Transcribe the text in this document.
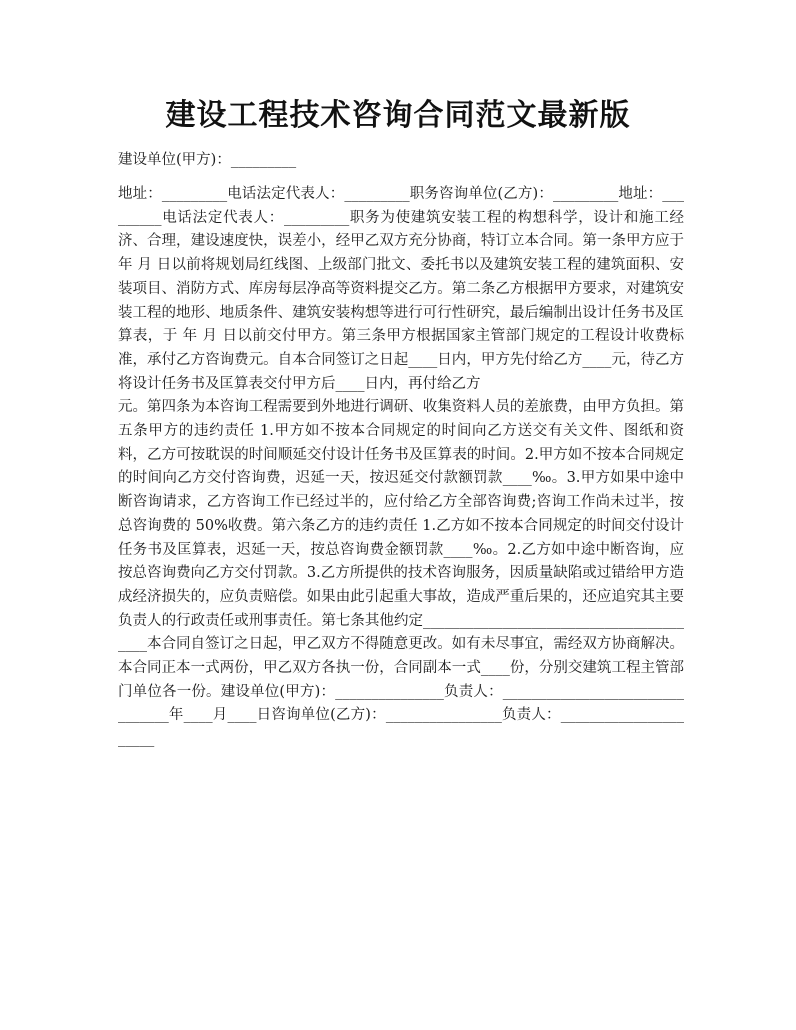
建设工程技术咨询合同范文最新版
建设单位(甲方)：_________
地址：_________电话法定代表人：_________职务咨询单位(乙方)：_________地址：_________电话法定代表人：_________职务为使建筑安装工程的构想科学，设计和施工经济、合理，建设速度快，误差小，经甲乙双方充分协商，特订立本合同。第一条甲方应于 年 月 日以前将规划局红线图、上级部门批文、委托书以及建筑安装工程的建筑面积、安装项目、消防方式、库房每层净高等资料提交乙方。第二条乙方根据甲方要求，对建筑安装工程的地形、地质条件、建筑安装构想等进行可行性研究，最后编制出设计任务书及匡算表，于 年 月 日以前交付甲方。第三条甲方根据国家主管部门规定的工程设计收费标准，承付乙方咨询费元。自本合同签订之日起____日内，甲方先付给乙方____元，待乙方将设计任务书及匡算表交付甲方后____日内，再付给乙方
元。第四条为本咨询工程需要到外地进行调研、收集资料人员的差旅费，由甲方负担。第五条甲方的违约责任 1.甲方如不按本合同规定的时间向乙方送交有关文件、图纸和资料，乙方可按耽误的时间顺延交付设计任务书及匡算表的时间。2.甲方如不按本合同规定的时间向乙方交付咨询费，迟延一天，按迟延交付款额罚款____‰。3.甲方如果中途中断咨询请求，乙方咨询工作已经过半的，应付给乙方全部咨询费;咨询工作尚未过半，按总咨询费的 50%收费。第六条乙方的违约责任 1.乙方如不按本合同规定的时间交付设计任务书及匡算表，迟延一天，按总咨询费金额罚款____‰。2.乙方如中途中断咨询，应按总咨询费向乙方交付罚款。3.乙方所提供的技术咨询服务，因质量缺陷或过错给甲方造成经济损失的，应负责赔偿。如果由此引起重大事故，造成严重后果的，还应追究其主要负责人的行政责任或刑事责任。第七条其他约定________________________________________本合同自签订之日起，甲乙双方不得随意更改。如有未尽事宜，需经双方协商解决。本合同正本一式两份，甲乙双方各执一份，合同副本一式____份，分别交建筑工程主管部门单位各一份。建设单位(甲方)：_______________负责人：________________________________年____月____日咨询单位(乙方)：________________负责人：______________________
